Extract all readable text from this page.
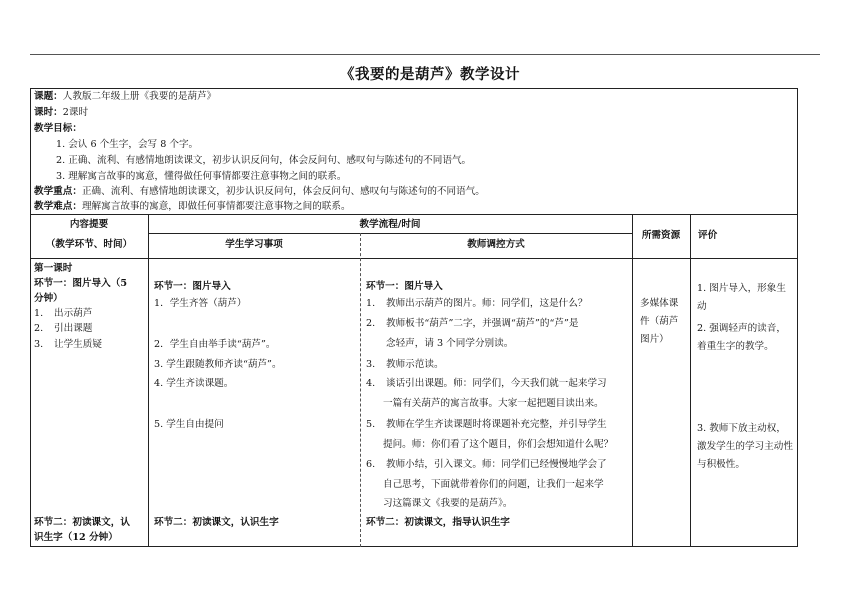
《我要的是葫芦》教学设计
课题：人教版二年级上册《我要的是葫芦》
课时：2课时
教学目标：
1. 会认 6 个生字，会写 8 个字。
2. 正确、流利、有感情地朗读课文，初步认识反问句，体会反问句、感叹句与陈述句的不同语气。
3. 理解寓言故事的寓意，懂得做任何事情都要注意事物之间的联系。
教学重点：正确、流利、有感情地朗读课文，初步认识反问句，体会反问句、感叹句与陈述句的不同语气。
教学难点：理解寓言故事的寓意，即做任何事情都要注意事物之间的联系。
内容提要
（教学环节、时间）
教学流程/时间
学生学习事项	教师调控方式
所需资源	评价
第一课时
环节一：图片导入（5
分钟）
1. 出示葫芦
2. 引出课题
3. 让学生质疑
环节二：初读课文，认
识生字（12 分钟）
环节一：图片导入
1．学生齐答（葫芦）
2．学生自由举手读“葫芦”。
3. 学生跟随教师齐读“葫芦”。
4. 学生齐读课题。
5. 学生自由提问
环节二：初读课文，认识生字
环节一：图片导入
1. 教师出示葫芦的图片。师：同学们，这是什么？
2. 教师板书“葫芦”二字，并强调“葫芦”的“芦”是
念轻声，请 3 个同学分别读。
3. 教师示范读。
4. 谈话引出课题。师：同学们，今天我们就一起来学习
一篇有关葫芦的寓言故事。大家一起把题目读出来。
5. 教师在学生齐读课题时将课题补充完整，并引导学生
提问。师：你们看了这个题目，你们会想知道什么呢？
6. 教师小结，引入课文。师：同学们已经慢慢地学会了
自己思考，下面就带着你们的问题，让我们一起来学
习这篇课文《我要的是葫芦》。
环节二：初读课文，指导认识生字
多媒体课件（葫芦图片）
1. 图片导入，形象生动
2. 强调轻声的读音，着重生字的教学。
3. 教师下放主动权，激发学生的学习主动性与积极性。
